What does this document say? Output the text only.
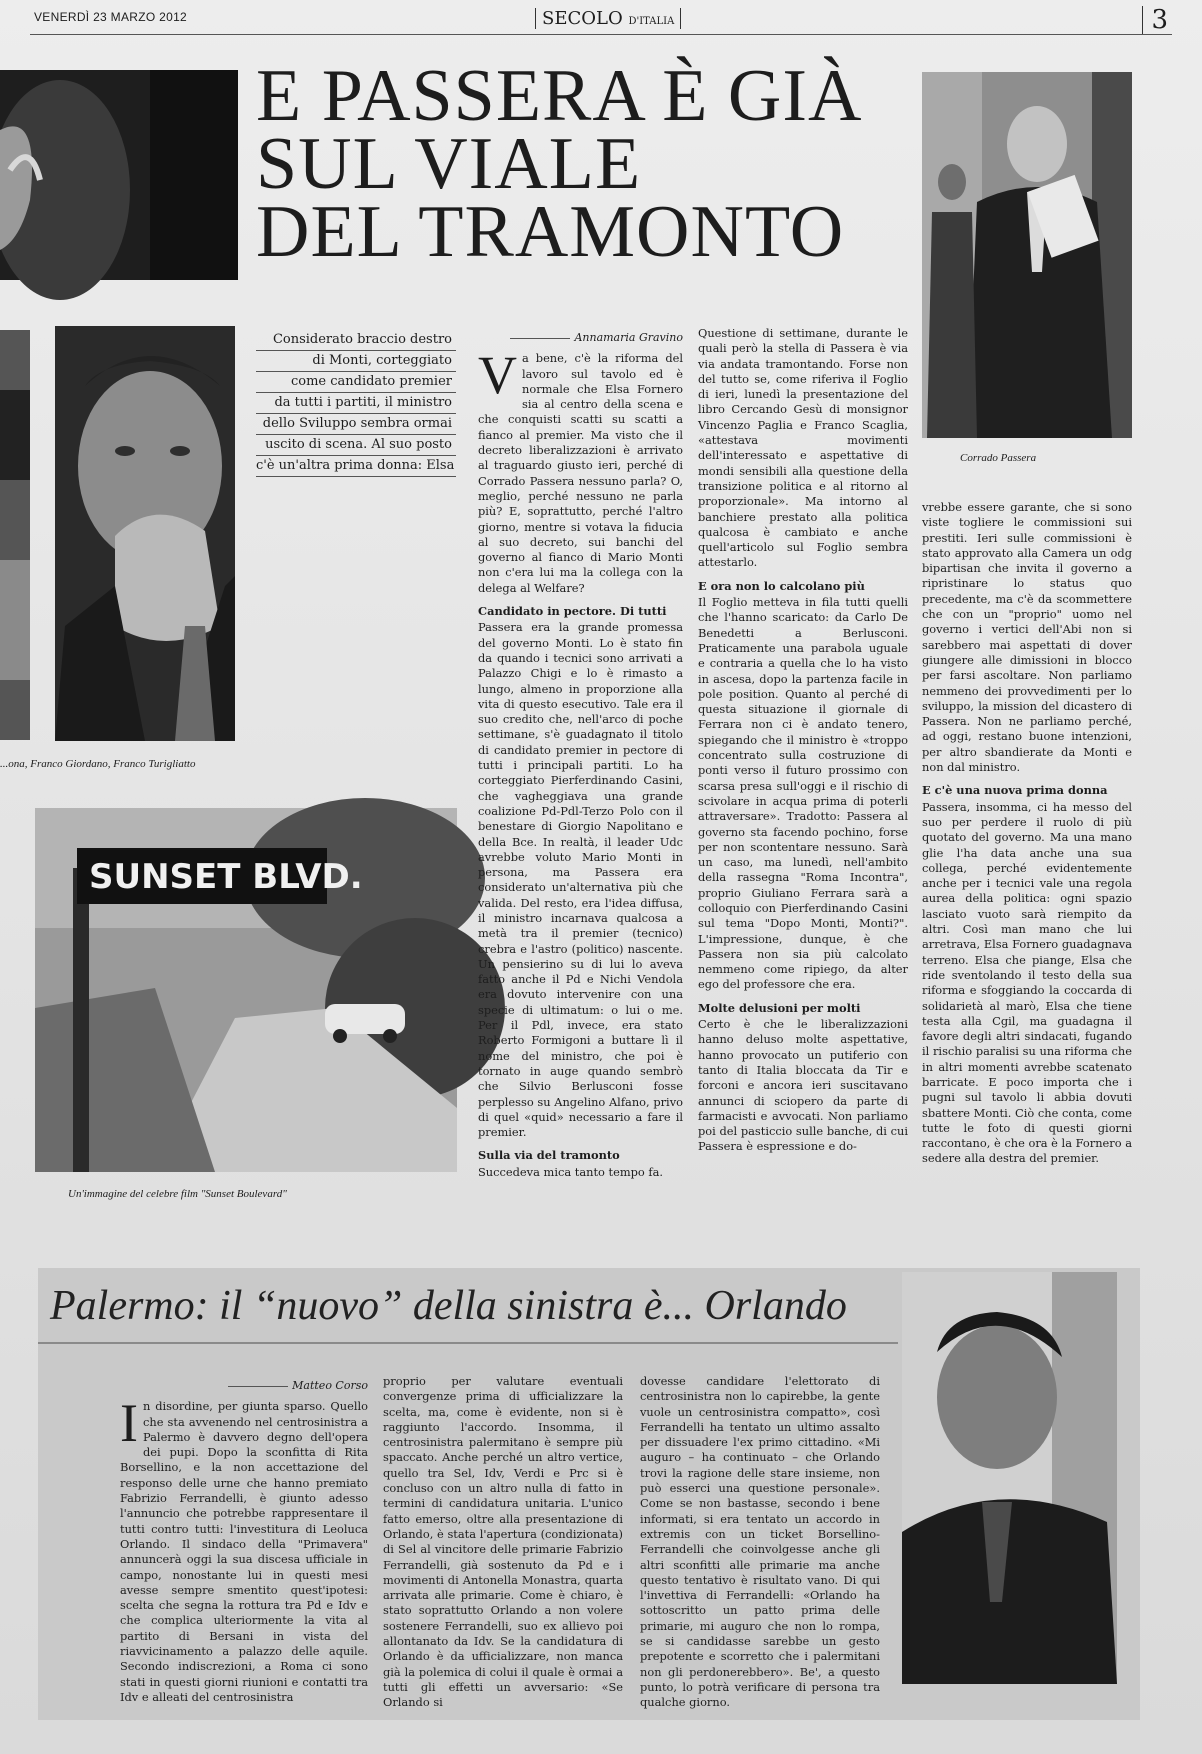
VENERDÌ 23 MARZO 2012	SECOLO D'ITALIA	3
...ona, Franco Giordano, Franco Turigliatto
E PASSERA È GIÀ
SUL VIALE
DEL TRAMONTO
Corrado Passera
Considerato braccio destro
di Monti, corteggiato
come candidato premier
da tutti i partiti, il ministro
dello Sviluppo sembra ormai
uscito di scena. Al suo posto
c'è un'altra prima donna: Elsa
SUNSET BLVD.
Un'immagine del celebre film "Sunset Boulevard"
Annamaria Gravino

Va bene, c'è la riforma del lavoro sul tavolo ed è normale che Elsa Fornero sia al centro della scena e che conquisti scatti su scatti a fianco al premier. Ma visto che il decreto liberalizzazioni è arrivato al traguardo giusto ieri, perché di Corrado Passera nessuno parla? O, meglio, perché nessuno ne parla più? E, soprattutto, perché l'altro giorno, mentre si votava la fiducia al suo decreto, sui banchi del governo al fianco di Mario Monti non c'era lui ma la collega con la delega al Welfare?

Candidato in pectore. Di tutti

Passera era la grande promessa del governo Monti. Lo è stato fin da quando i tecnici sono arrivati a Palazzo Chigi e lo è rimasto a lungo, almeno in proporzione alla vita di questo esecutivo. Tale era il suo credito che, nell'arco di poche settimane, s'è guadagnato il titolo di candidato premier in pectore di tutti i principali partiti. Lo ha corteggiato Pierferdinando Casini, che vagheggiava una grande coalizione Pd-Pdl-Terzo Polo con il benestare di Giorgio Napolitano e della Bce. In realtà, il leader Udc avrebbe voluto Mario Monti in persona, ma Passera era considerato un'alternativa più che valida. Del resto, era l'idea diffusa, il ministro incarnava qualcosa a metà tra il premier (tecnico) crebra e l'astro (politico) nascente. Un pensierino su di lui lo aveva fatto anche il Pd e Nichi Vendola era dovuto intervenire con una specie di ultimatum: o lui o me. Per il Pdl, invece, era stato Roberto Formigoni a buttare lì il nome del ministro, che poi è tornato in auge quando sembrò che Silvio Berlusconi fosse perplesso su Angelino Alfano, privo di quel «quid» necessario a fare il premier.

Sulla via del tramonto

Succedeva mica tanto tempo fa.

Questione di settimane, durante le quali però la stella di Passera è via via andata tramontando. Forse non del tutto se, come riferiva il Foglio di ieri, lunedì la presentazione del libro Cercando Gesù di monsignor Vincenzo Paglia e Franco Scaglia, «attestava movimenti dell'interessato e aspettative di mondi sensibili alla questione della transizione politica e al ritorno al proporzionale». Ma intorno al banchiere prestato alla politica qualcosa è cambiato e anche quell'articolo sul Foglio sembra attestarlo.

E ora non lo calcolano più

Il Foglio metteva in fila tutti quelli che l'hanno scaricato: da Carlo De Benedetti a Berlusconi. Praticamente una parabola uguale e contraria a quella che lo ha visto in ascesa, dopo la partenza facile in pole position. Quanto al perché di questa situazione il giornale di Ferrara non ci è andato tenero, spiegando che il ministro è «troppo concentrato sulla costruzione di ponti verso il futuro prossimo con scarsa presa sull'oggi e il rischio di scivolare in acqua prima di poterli attraversare». Tradotto: Passera al governo sta facendo pochino, forse per non scontentare nessuno. Sarà un caso, ma lunedì, nell'ambito della rassegna "Roma Incontra", proprio Giuliano Ferrara sarà a colloquio con Pierferdinando Casini sul tema "Dopo Monti, Monti?". L'impressione, dunque, è che Passera non sia più calcolato nemmeno come ripiego, da alter ego del professore che era.

Molte delusioni per molti

Certo è che le liberalizzazioni hanno deluso molte aspettative, hanno provocato un putiferio con tanto di Italia bloccata da Tir e forconi e ancora ieri suscitavano annunci di sciopero da parte di farmacisti e avvocati. Non parliamo poi del pasticcio sulle banche, di cui Passera è espressione e do-

vrebbe essere garante, che si sono viste togliere le commissioni sui prestiti. Ieri sulle commissioni è stato approvato alla Camera un odg bipartisan che invita il governo a ripristinare lo status quo precedente, ma c'è da scommettere che con un "proprio" uomo nel governo i vertici dell'Abi non si sarebbero mai aspettati di dover giungere alle dimissioni in blocco per farsi ascoltare. Non parliamo nemmeno dei provvedimenti per lo sviluppo, la mission del dicastero di Passera. Non ne parliamo perché, ad oggi, restano buone intenzioni, per altro sbandierate da Monti e non dal ministro.

E c'è una nuova prima donna

Passera, insomma, ci ha messo del suo per perdere il ruolo di più quotato del governo. Ma una mano glie l'ha data anche una sua collega, perché evidentemente anche per i tecnici vale una regola aurea della politica: ogni spazio lasciato vuoto sarà riempito da altri. Così man mano che lui arretrava, Elsa Fornero guadagnava terreno. Elsa che piange, Elsa che ride sventolando il testo della sua riforma e sfoggiando la coccarda di solidarietà al marò, Elsa che tiene testa alla Cgil, ma guadagna il favore degli altri sindacati, fugando il rischio paralisi su una riforma che in altri momenti avrebbe scatenato barricate. E poco importa che i pugni sul tavolo li abbia dovuti sbattere Monti. Ciò che conta, come tutte le foto di questi giorni raccontano, è che ora è la Fornero a sedere alla destra del premier.

Palermo: il “nuovo” della sinistra è... Orlando
Matteo Corso

In disordine, per giunta sparso. Quello che sta avvenendo nel centrosinistra a Palermo è davvero degno dell'opera dei pupi. Dopo la sconfitta di Rita Borsellino, e la non accettazione del responso delle urne che hanno premiato Fabrizio Ferrandelli, è giunto adesso l'annuncio che potrebbe rappresentare il tutti contro tutti: l'investitura di Leoluca Orlando. Il sindaco della "Primavera" annuncerà oggi la sua discesa ufficiale in campo, nonostante lui in questi mesi avesse sempre smentito quest'ipotesi: scelta che segna la rottura tra Pd e Idv e che complica ulteriormente la vita al partito di Bersani in vista del riavvicinamento a palazzo delle aquile. Secondo indiscrezioni, a Roma ci sono stati in questi giorni riunioni e contatti tra Idv e alleati del centrosinistra

proprio per valutare eventuali convergenze prima di ufficializzare la scelta, ma, come è evidente, non si è raggiunto l'accordo. Insomma, il centrosinistra palermitano è sempre più spaccato. Anche perché un altro vertice, quello tra Sel, Idv, Verdi e Prc si è concluso con un altro nulla di fatto in termini di candidatura unitaria. L'unico fatto emerso, oltre alla presentazione di Orlando, è stata l'apertura (condizionata) di Sel al vincitore delle primarie Fabrizio Ferrandelli, già sostenuto da Pd e i movimenti di Antonella Monastra, quarta arrivata alle primarie. Come è chiaro, è stato soprattutto Orlando a non volere sostenere Ferrandelli, suo ex allievo poi allontanato da Idv. Se la candidatura di Orlando è da ufficializzare, non manca già la polemica di colui il quale è ormai a tutti gli effetti un avversario: «Se Orlando si

dovesse candidare l'elettorato di centrosinistra non lo capirebbe, la gente vuole un centrosinistra compatto», così Ferrandelli ha tentato un ultimo assalto per dissuadere l'ex primo cittadino. «Mi auguro – ha continuato – che Orlando trovi la ragione delle stare insieme, non può esserci una questione personale». Come se non bastasse, secondo i bene informati, si era tentato un accordo in extremis con un ticket Borsellino-Ferrandelli che coinvolgesse anche gli altri sconfitti alle primarie ma anche questo tentativo è risultato vano. Di qui l'invettiva di Ferrandelli: «Orlando ha sottoscritto un patto prima delle primarie, mi auguro che non lo rompa, se si candidasse sarebbe un gesto prepotente e scorretto che i palermitani non gli perdonerebbero». Be', a questo punto, lo potrà verificare di persona tra qualche giorno.
